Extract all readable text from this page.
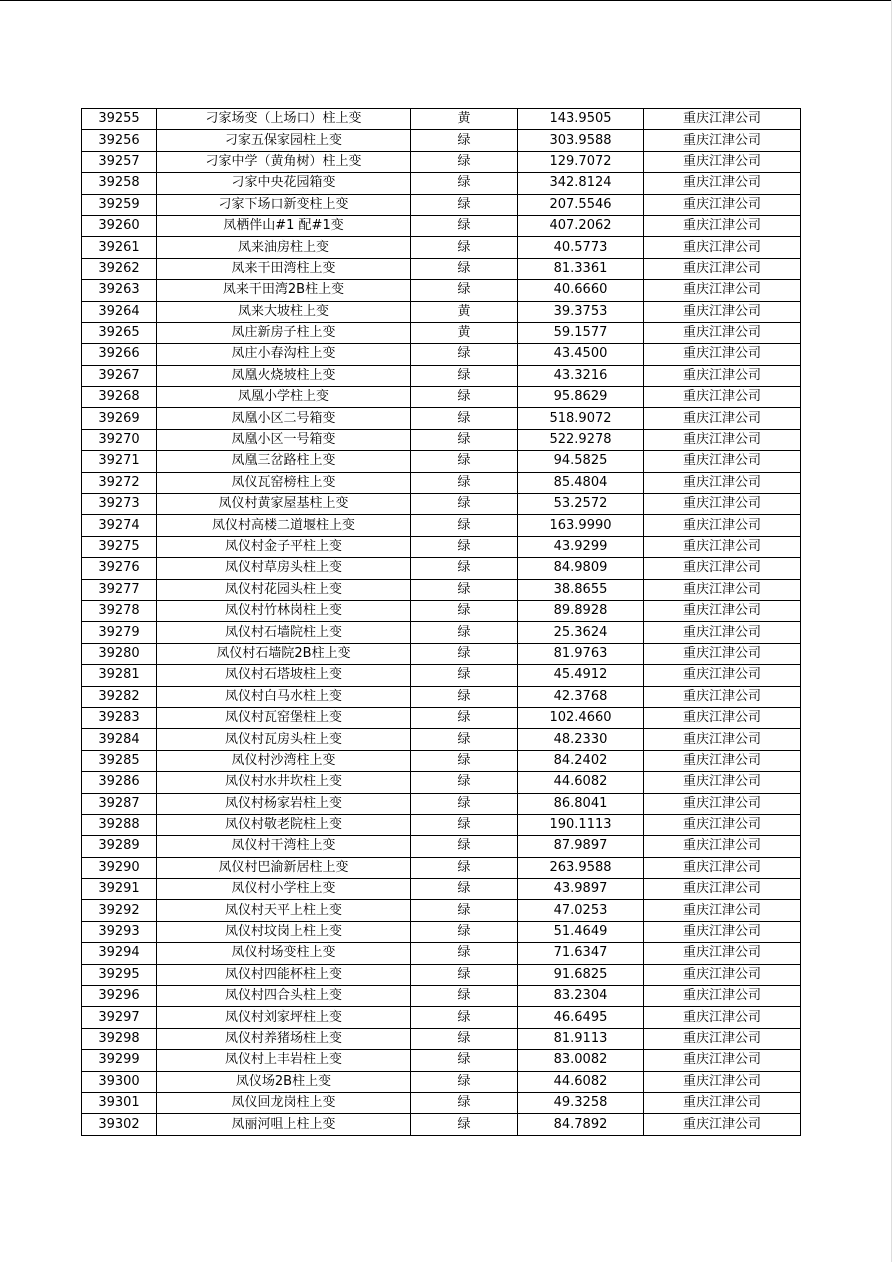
39255	刁家场变（上场口）柱上变	黄	143.9505	重庆江津公司
39256	刁家五保家园柱上变	绿	303.9588	重庆江津公司
39257	刁家中学（黄角树）柱上变	绿	129.7072	重庆江津公司
39258	刁家中央花园箱变	绿	342.8124	重庆江津公司
39259	刁家下场口新变柱上变	绿	207.5546	重庆江津公司
39260	凤栖伴山#1 配#1变	绿	407.2062	重庆江津公司
39261	凤来油房柱上变	绿	40.5773	重庆江津公司
39262	凤来干田湾柱上变	绿	81.3361	重庆江津公司
39263	凤来干田湾2B柱上变	绿	40.6660	重庆江津公司
39264	凤来大坡柱上变	黄	39.3753	重庆江津公司
39265	凤庄新房子柱上变	黄	59.1577	重庆江津公司
39266	凤庄小春沟柱上变	绿	43.4500	重庆江津公司
39267	凤凰火烧坡柱上变	绿	43.3216	重庆江津公司
39268	凤凰小学柱上变	绿	95.8629	重庆江津公司
39269	凤凰小区二号箱变	绿	518.9072	重庆江津公司
39270	凤凰小区一号箱变	绿	522.9278	重庆江津公司
39271	凤凰三岔路柱上变	绿	94.5825	重庆江津公司
39272	凤仪瓦窑榜柱上变	绿	85.4804	重庆江津公司
39273	凤仪村黄家屋基柱上变	绿	53.2572	重庆江津公司
39274	凤仪村高楼二道堰柱上变	绿	163.9990	重庆江津公司
39275	凤仪村金子平柱上变	绿	43.9299	重庆江津公司
39276	凤仪村草房头柱上变	绿	84.9809	重庆江津公司
39277	凤仪村花园头柱上变	绿	38.8655	重庆江津公司
39278	凤仪村竹林岗柱上变	绿	89.8928	重庆江津公司
39279	凤仪村石墙院柱上变	绿	25.3624	重庆江津公司
39280	凤仪村石墙院2B柱上变	绿	81.9763	重庆江津公司
39281	凤仪村石塔坡柱上变	绿	45.4912	重庆江津公司
39282	凤仪村白马水柱上变	绿	42.3768	重庆江津公司
39283	凤仪村瓦窑堡柱上变	绿	102.4660	重庆江津公司
39284	凤仪村瓦房头柱上变	绿	48.2330	重庆江津公司
39285	凤仪村沙湾柱上变	绿	84.2402	重庆江津公司
39286	凤仪村水井坎柱上变	绿	44.6082	重庆江津公司
39287	凤仪村杨家岩柱上变	绿	86.8041	重庆江津公司
39288	凤仪村敬老院柱上变	绿	190.1113	重庆江津公司
39289	凤仪村干湾柱上变	绿	87.9897	重庆江津公司
39290	凤仪村巴渝新居柱上变	绿	263.9588	重庆江津公司
39291	凤仪村小学柱上变	绿	43.9897	重庆江津公司
39292	凤仪村天平上柱上变	绿	47.0253	重庆江津公司
39293	凤仪村坟岗上柱上变	绿	51.4649	重庆江津公司
39294	凤仪村场变柱上变	绿	71.6347	重庆江津公司
39295	凤仪村四能杯柱上变	绿	91.6825	重庆江津公司
39296	凤仪村四合头柱上变	绿	83.2304	重庆江津公司
39297	凤仪村刘家坪柱上变	绿	46.6495	重庆江津公司
39298	凤仪村养猪场柱上变	绿	81.9113	重庆江津公司
39299	凤仪村上丰岩柱上变	绿	83.0082	重庆江津公司
39300	凤仪场2B柱上变	绿	44.6082	重庆江津公司
39301	凤仪回龙岗柱上变	绿	49.3258	重庆江津公司
39302	凤丽河咀上柱上变	绿	84.7892	重庆江津公司
